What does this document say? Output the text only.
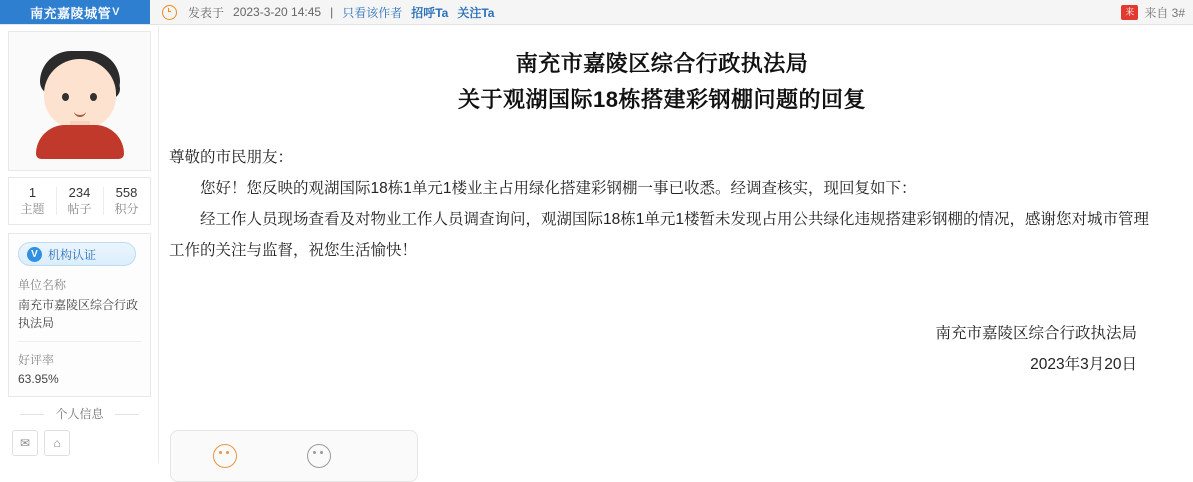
南充嘉陵城管 V	发表于 2023-3-20 14:45 | 只看该作者 招呼Ta 关注Ta	来 来自 3#
1
主题
234
帖子
558
积分
V 机构认证
单位名称
南充市嘉陵区综合行政执法局
好评率
63.95%
个人信息
✉	⌂
南充市嘉陵区综合行政执法局
关于观湖国际18栋搭建彩钢棚问题的回复

尊敬的市民朋友：

您好！您反映的观湖国际18栋1单元1楼业主占用绿化搭建彩钢棚一事已收悉。经调查核实，现回复如下：

经工作人员现场查看及对物业工作人员调查询问，观湖国际18栋1单元1楼暂未发现占用公共绿化违规搭建彩钢棚的情况，感谢您对城市管理工作的关注与监督，祝您生活愉快！

南充市嘉陵区综合行政执法局
2023年3月20日
